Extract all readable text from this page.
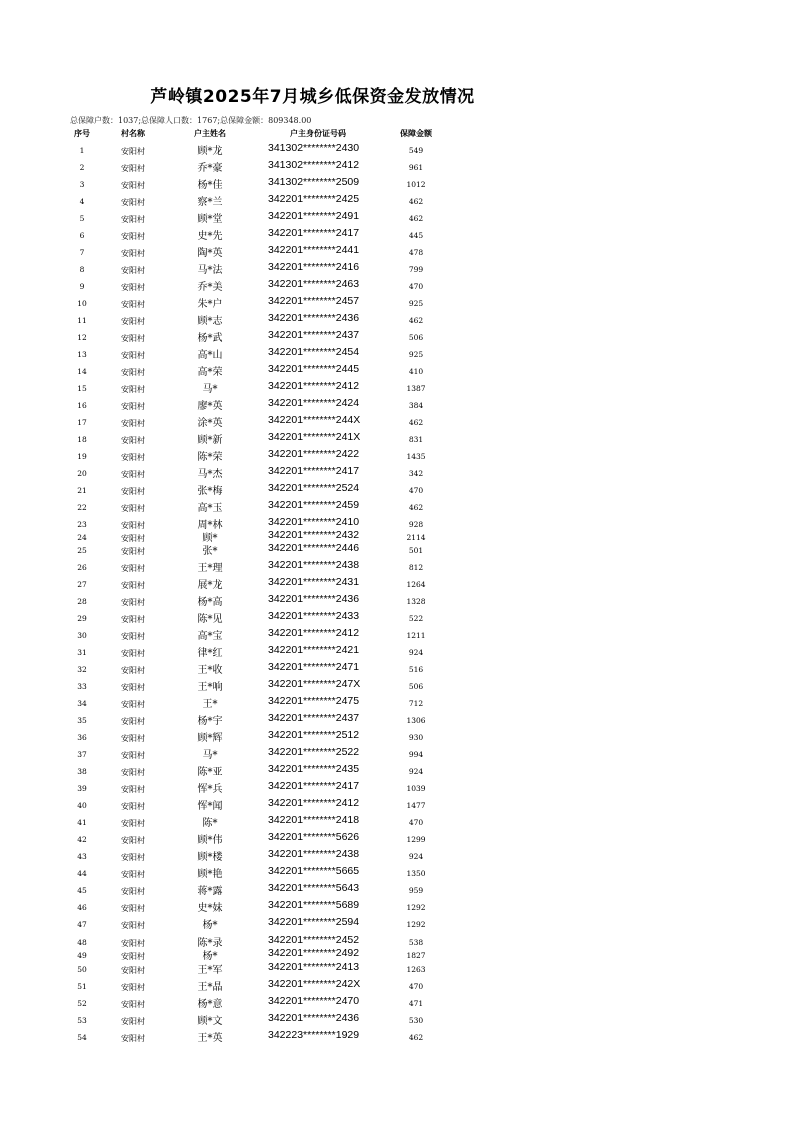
芦岭镇2025年7月城乡低保资金发放情况
总保障户数：1037;总保障人口数：1767;总保障金额：809348.00
序号	村名称	户主姓名	户主身份证号码	保障金额
1	安阳村	顾*龙	341302********2430	549
2	安阳村	乔*豪	341302********2412	961
3	安阳村	杨*佳	341302********2509	1012
4	安阳村	察*兰	342201********2425	462
5	安阳村	顾*堂	342201********2491	462
6	安阳村	史*先	342201********2417	445
7	安阳村	陶*英	342201********2441	478
8	安阳村	马*法	342201********2416	799
9	安阳村	乔*美	342201********2463	470
10	安阳村	朱*户	342201********2457	925
11	安阳村	顾*志	342201********2436	462
12	安阳村	杨*武	342201********2437	506
13	安阳村	高*山	342201********2454	925
14	安阳村	高*荣	342201********2445	410
15	安阳村	马*	342201********2412	1387
16	安阳村	廖*英	342201********2424	384
17	安阳村	涂*英	342201********244X	462
18	安阳村	顾*新	342201********241X	831
19	安阳村	陈*荣	342201********2422	1435
20	安阳村	马*杰	342201********2417	342
21	安阳村	张*梅	342201********2524	470
22	安阳村	高*玉	342201********2459	462
23	安阳村	周*林	342201********2410	928
24	安阳村	顾*	342201********2432	2114
25	安阳村	张*	342201********2446	501
26	安阳村	王*理	342201********2438	812
27	安阳村	展*龙	342201********2431	1264
28	安阳村	杨*高	342201********2436	1328
29	安阳村	陈*见	342201********2433	522
30	安阳村	高*宝	342201********2412	1211
31	安阳村	律*红	342201********2421	924
32	安阳村	王*收	342201********2471	516
33	安阳村	王*响	342201********247X	506
34	安阳村	王*	342201********2475	712
35	安阳村	杨*宇	342201********2437	1306
36	安阳村	顾*辉	342201********2512	930
37	安阳村	马*	342201********2522	994
38	安阳村	陈*亚	342201********2435	924
39	安阳村	恽*兵	342201********2417	1039
40	安阳村	恽*闻	342201********2412	1477
41	安阳村	陈*	342201********2418	470
42	安阳村	顾*伟	342201********5626	1299
43	安阳村	顾*楼	342201********2438	924
44	安阳村	顾*艳	342201********5665	1350
45	安阳村	蒋*露	342201********5643	959
46	安阳村	史*妹	342201********5689	1292
47	安阳村	杨*	342201********2594	1292
48	安阳村	陈*录	342201********2452	538
49	安阳村	杨*	342201********2492	1827
50	安阳村	王*军	342201********2413	1263
51	安阳村	王*晶	342201********242X	470
52	安阳村	杨*意	342201********2470	471
53	安阳村	顾*文	342201********2436	530
54	安阳村	王*英	342223********1929	462
